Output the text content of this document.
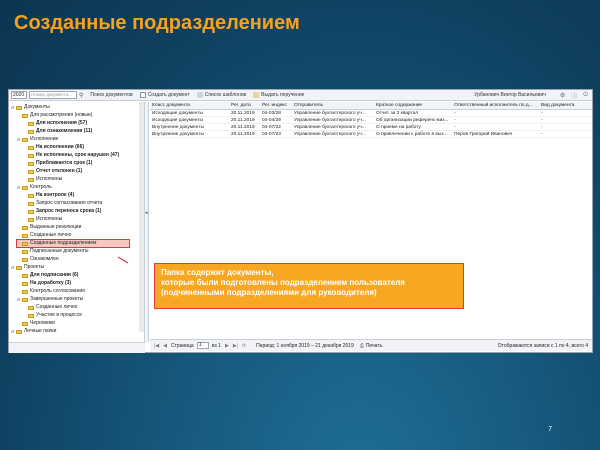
Созданные подразделением
2020	Номер документа...	⚲ Поиск документов	Создать документ	Список шаблонов	Выдать поручение	Урбанович Виктор Васильевич ⚙ ⓘ ⏻
⊟ Документы
Для рассмотрения (новые)
Для исполнения (57)
Для ознакомления (11)
⊟ Исполнение
На исполнении (66)
Не исполнены, срок нарушен (47)
Приближается срок (1)
Отчет отклонен (1)
Исполнены
⊟ Контроль
На контроле (4)
Запрос согласования отчета
Запрос переноса срока (1)
Исполнены
Выданные резолюции
Созданные лично
Созданные подразделением
Подписанные документы
Ознакомлен
⊟ Проекты
Для подписания (6)
На доработку (3)
Контроль согласования
⊟ Завершенные проекты
Созданные лично
Участие в процессе
Черновики
⊟ Личные папки
◂
Класс документа	Рег. дата	Рег. индекс	Отправитель	Краткое содержание	Ответственный исполнитель по д...	Вид документа
Исходящие документы	20.11.2019	04-03/28	Управление бухгалтерского уч...	Отчет за 3 квартал	-	-
Исходящие документы	20.11.2019	04-04/29	Управление бухгалтерского уч...	Об организации референс-виз...	-	-
Внутренние документы	20.11.2019	04-07/22	Управление бухгалтерского уч...	О приеме на работу	-	-
Внутренние документы	20.11.2019	04-07/23	Управление бухгалтерского уч...	О привлечении к работе в вых...	Перов Григорий Иванович	-
|◀ ◀ Страница	1	из 1 ▶ ▶| ⟳ Период: 1 ноября 2019 – 21 декабря 2019 ⎙ Печать	Отображаются записи с 1 по 4, всего 4
Папка содержит документы,
которые были подготовлены подразделением пользователя
(подчиненными подразделениями для руководителя)
7
